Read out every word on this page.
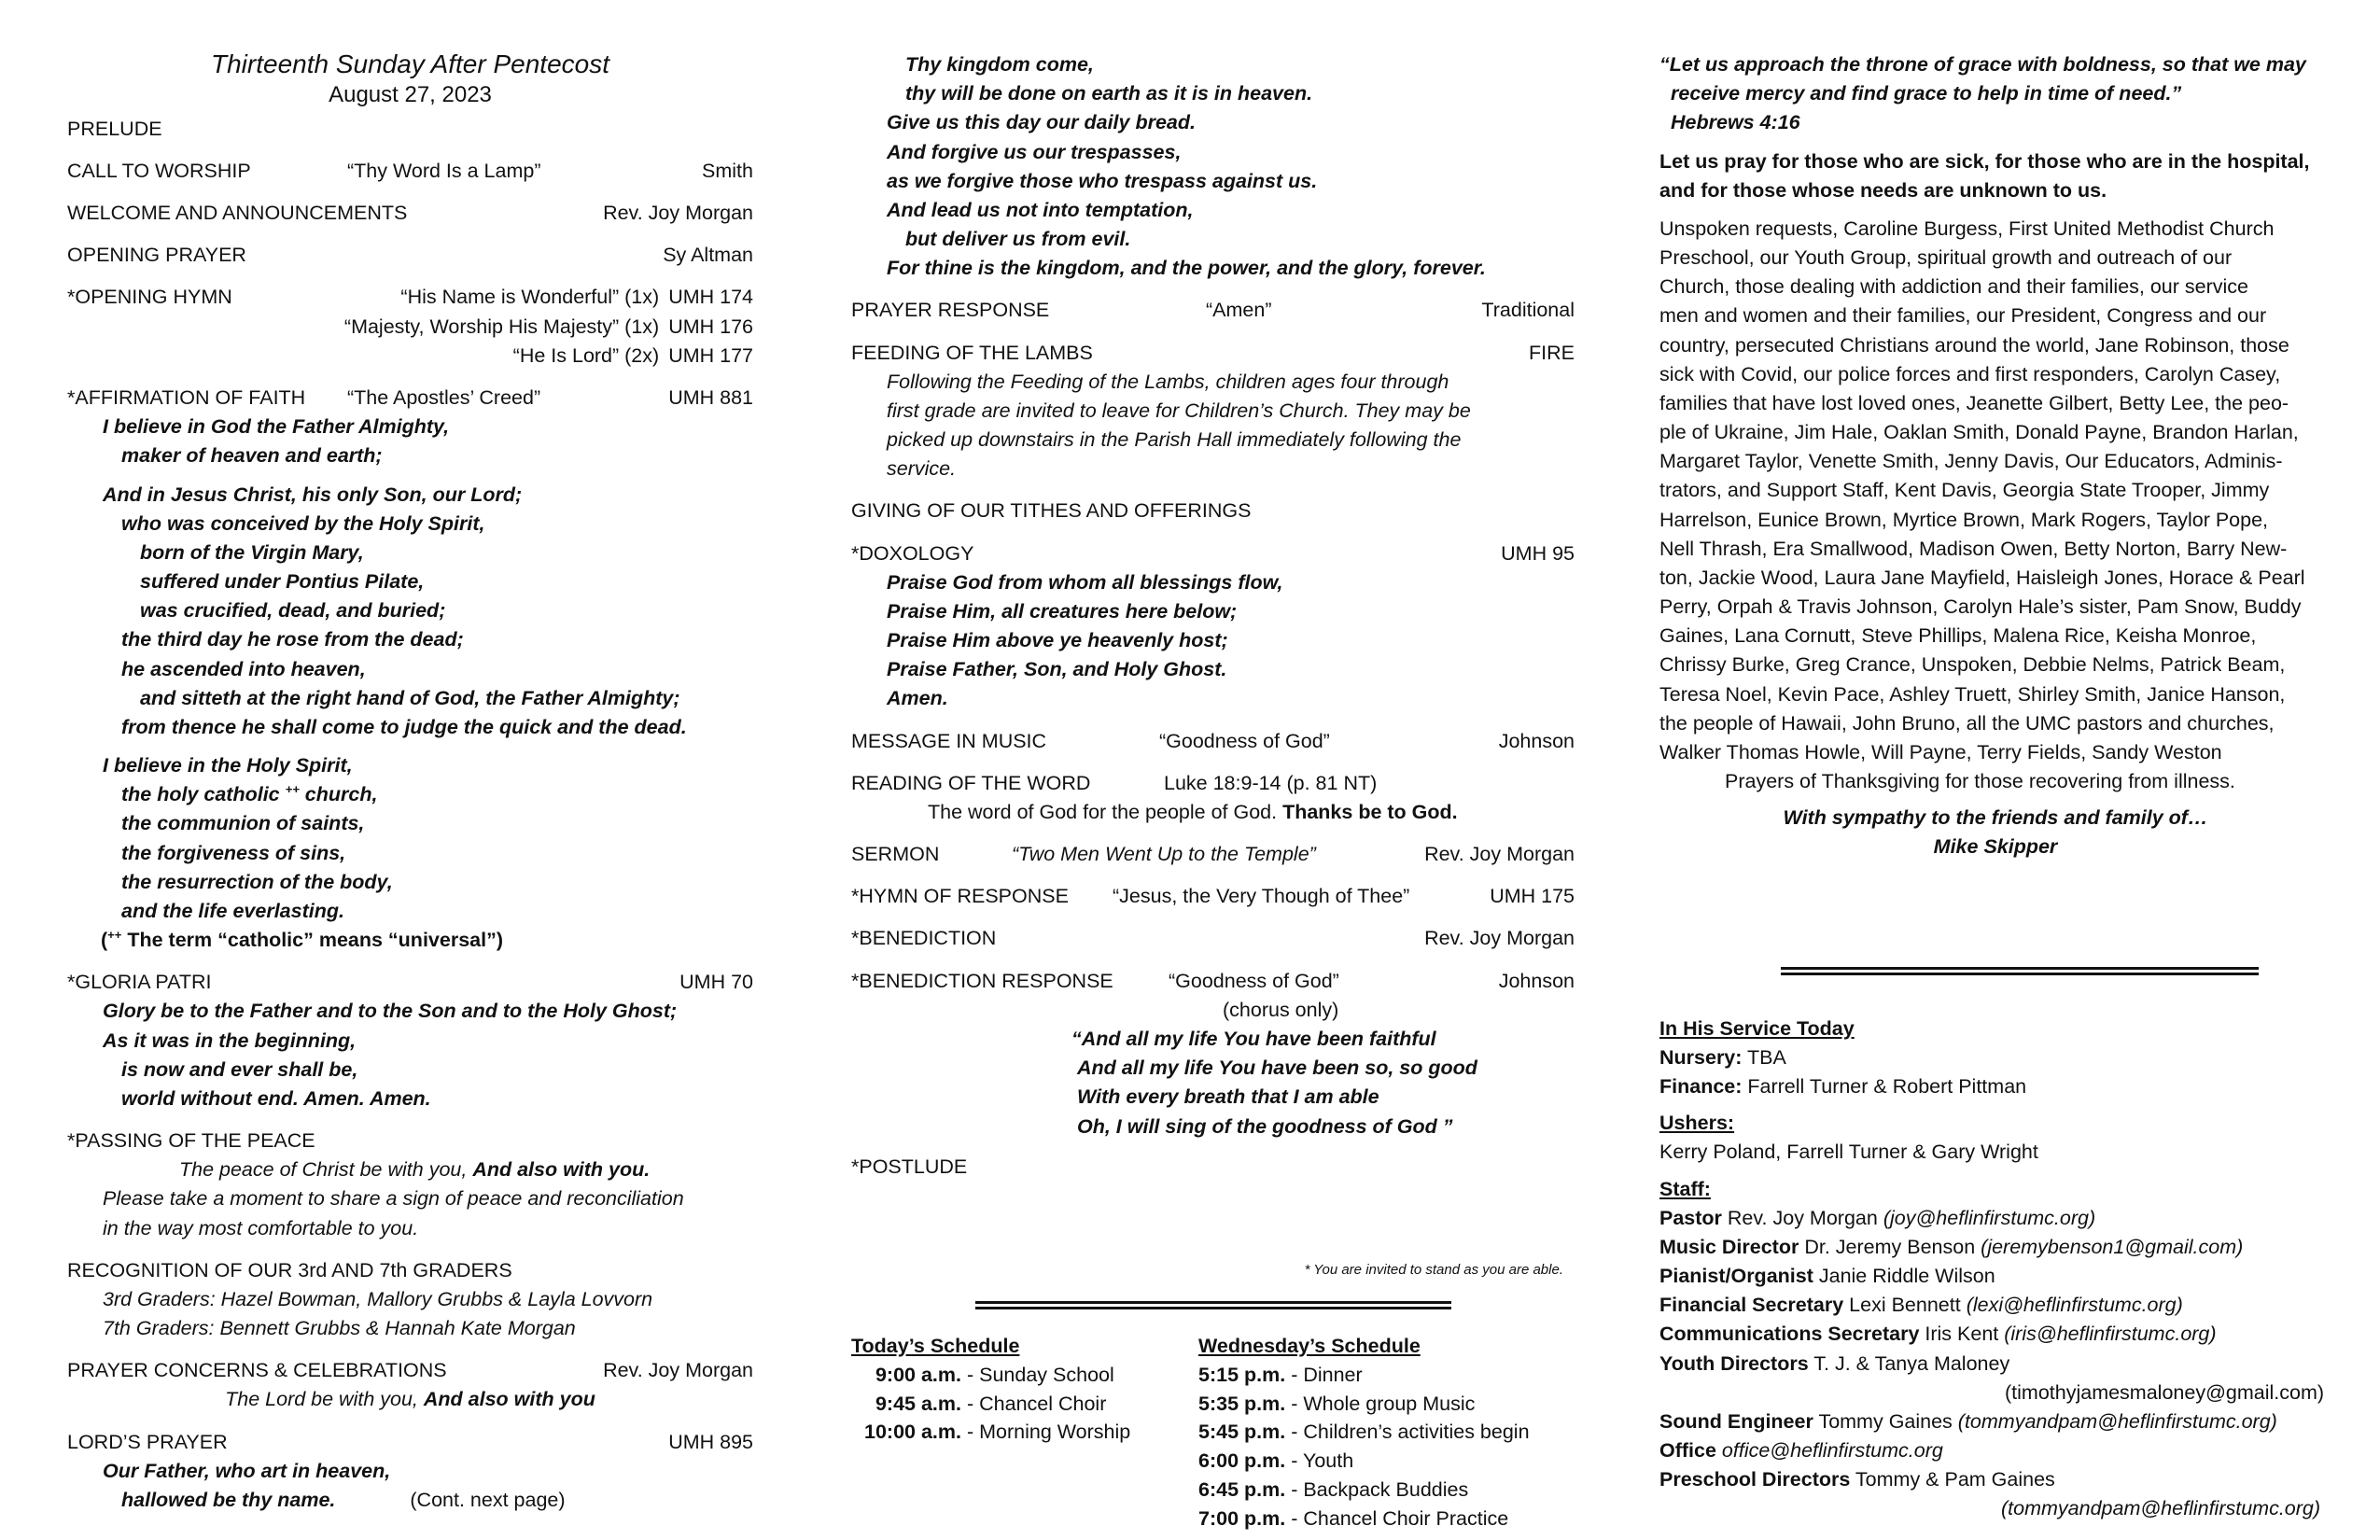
Thirteenth Sunday After Pentecost

August 27, 2023

PRELUDE

CALL TO WORSHIP	“Thy Word Is a Lamp”	Smith
WELCOME AND ANNOUNCEMENTS	Rev. Joy Morgan
OPENING PRAYER	Sy Altman
*OPENING HYMN	“His Name is Wonderful” (1x) UMH 174
“Majesty, Worship His Majesty” (1x) UMH 176
“He Is Lord” (2x) UMH 177
*AFFIRMATION OF FAITH	“The Apostles’ Creed”	UMH 881

I believe in God the Father Almighty,

maker of heaven and earth;

And in Jesus Christ, his only Son, our Lord;

who was conceived by the Holy Spirit,

born of the Virgin Mary,

suffered under Pontius Pilate,

was crucified, dead, and buried;

the third day he rose from the dead;

he ascended into heaven,

and sitteth at the right hand of God, the Father Almighty;

from thence he shall come to judge the quick and the dead.

I believe in the Holy Spirit,

the holy catholic ++ church,

the communion of saints,

the forgiveness of sins,

the resurrection of the body,

and the life everlasting.

(++ The term “catholic” means “universal”)

*GLORIA PATRI	UMH 70

Glory be to the Father and to the Son and to the Holy Ghost;

As it was in the beginning,

is now and ever shall be,

world without end. Amen. Amen.

*PASSING OF THE PEACE

The peace of Christ be with you, And also with you.

Please take a moment to share a sign of peace and reconciliation

in the way most comfortable to you.

RECOGNITION OF OUR 3rd AND 7th GRADERS

3rd Graders: Hazel Bowman, Mallory Grubbs & Layla Lovvorn

7th Graders: Bennett Grubbs & Hannah Kate Morgan

PRAYER CONCERNS & CELEBRATIONS	Rev. Joy Morgan

The Lord be with you, And also with you

LORD’S PRAYER	UMH 895

Our Father, who art in heaven,

hallowed be thy name.	(Cont. next page)

Thy kingdom come,

thy will be done on earth as it is in heaven.

Give us this day our daily bread.

And forgive us our trespasses,

as we forgive those who trespass against us.

And lead us not into temptation,

but deliver us from evil.

For thine is the kingdom, and the power, and the glory, forever.

PRAYER RESPONSE	“Amen”	Traditional
FEEDING OF THE LAMBS	FIRE

Following the Feeding of the Lambs, children ages four through

first grade are invited to leave for Children’s Church. They may be

picked up downstairs in the Parish Hall immediately following the

service.

GIVING OF OUR TITHES AND OFFERINGS

*DOXOLOGY	UMH 95

Praise God from whom all blessings flow,

Praise Him, all creatures here below;

Praise Him above ye heavenly host;

Praise Father, Son, and Holy Ghost.

Amen.

MESSAGE IN MUSIC	“Goodness of God”	Johnson
READING OF THE WORD	Luke 18:9-14 (p. 81 NT)

The word of God for the people of God. Thanks be to God.

SERMON	“Two Men Went Up to the Temple”	Rev. Joy Morgan
*HYMN OF RESPONSE	“Jesus, the Very Though of Thee”	UMH 175
*BENEDICTION	Rev. Joy Morgan
*BENEDICTION RESPONSE	“Goodness of God”	Johnson

(chorus only)

“And all my life You have been faithful

And all my life You have been so, so good

With every breath that I am able

Oh, I will sing of the goodness of God ”

*POSTLUDE

* You are invited to stand as you are able.

Today’s Schedule

9:00 a.m. - Sunday School
9:45 a.m. - Chancel Choir
10:00 a.m. - Morning Worship

Wednesday’s Schedule

5:15 p.m. - Dinner
5:35 p.m. - Whole group Music
5:45 p.m. - Children’s activities begin
6:00 p.m. - Youth
6:45 p.m. - Backpack Buddies
7:00 p.m. - Chancel Choir Practice

“Let us approach the throne of grace with boldness, so that we may

receive mercy and find grace to help in time of need.”

Hebrews 4:16

Let us pray for those who are sick, for those who are in the hospital,

and for those whose needs are unknown to us.

Unspoken requests, Caroline Burgess, First United Methodist Church

Preschool, our Youth Group, spiritual growth and outreach of our

Church, those dealing with addiction and their families, our service

men and women and their families, our President, Congress and our

country, persecuted Christians around the world, Jane Robinson, those

sick with Covid, our police forces and first responders, Carolyn Casey,

families that have lost loved ones, Jeanette Gilbert, Betty Lee, the peo-

ple of Ukraine, Jim Hale, Oaklan Smith, Donald Payne, Brandon Harlan,

Margaret Taylor, Venette Smith, Jenny Davis, Our Educators, Adminis-

trators, and Support Staff, Kent Davis, Georgia State Trooper, Jimmy

Harrelson, Eunice Brown, Myrtice Brown, Mark Rogers, Taylor Pope,

Nell Thrash, Era Smallwood, Madison Owen, Betty Norton, Barry New-

ton, Jackie Wood, Laura Jane Mayfield, Haisleigh Jones, Horace & Pearl

Perry, Orpah & Travis Johnson, Carolyn Hale’s sister, Pam Snow, Buddy

Gaines, Lana Cornutt, Steve Phillips, Malena Rice, Keisha Monroe,

Chrissy Burke, Greg Crance, Unspoken, Debbie Nelms, Patrick Beam,

Teresa Noel, Kevin Pace, Ashley Truett, Shirley Smith, Janice Hanson,

the people of Hawaii, John Bruno, all the UMC pastors and churches,

Walker Thomas Howle, Will Payne, Terry Fields, Sandy Weston

Prayers of Thanksgiving for those recovering from illness.

With sympathy to the friends and family of…

Mike Skipper

In His Service Today

Nursery: TBA

Finance: Farrell Turner & Robert Pittman

Ushers:

Kerry Poland, Farrell Turner & Gary Wright

Staff:

Pastor Rev. Joy Morgan (joy@heflinfirstumc.org)

Music Director Dr. Jeremy Benson (jeremybenson1@gmail.com)

Pianist/Organist Janie Riddle Wilson

Financial Secretary Lexi Bennett (lexi@heflinfirstumc.org)

Communications Secretary Iris Kent (iris@heflinfirstumc.org)

Youth Directors T. J. & Tanya Maloney

(timothyjamesmaloney@gmail.com)

Sound Engineer Tommy Gaines (tommyandpam@heflinfirstumc.org)

Office office@heflinfirstumc.org

Preschool Directors Tommy & Pam Gaines

(tommyandpam@heflinfirstumc.org)
